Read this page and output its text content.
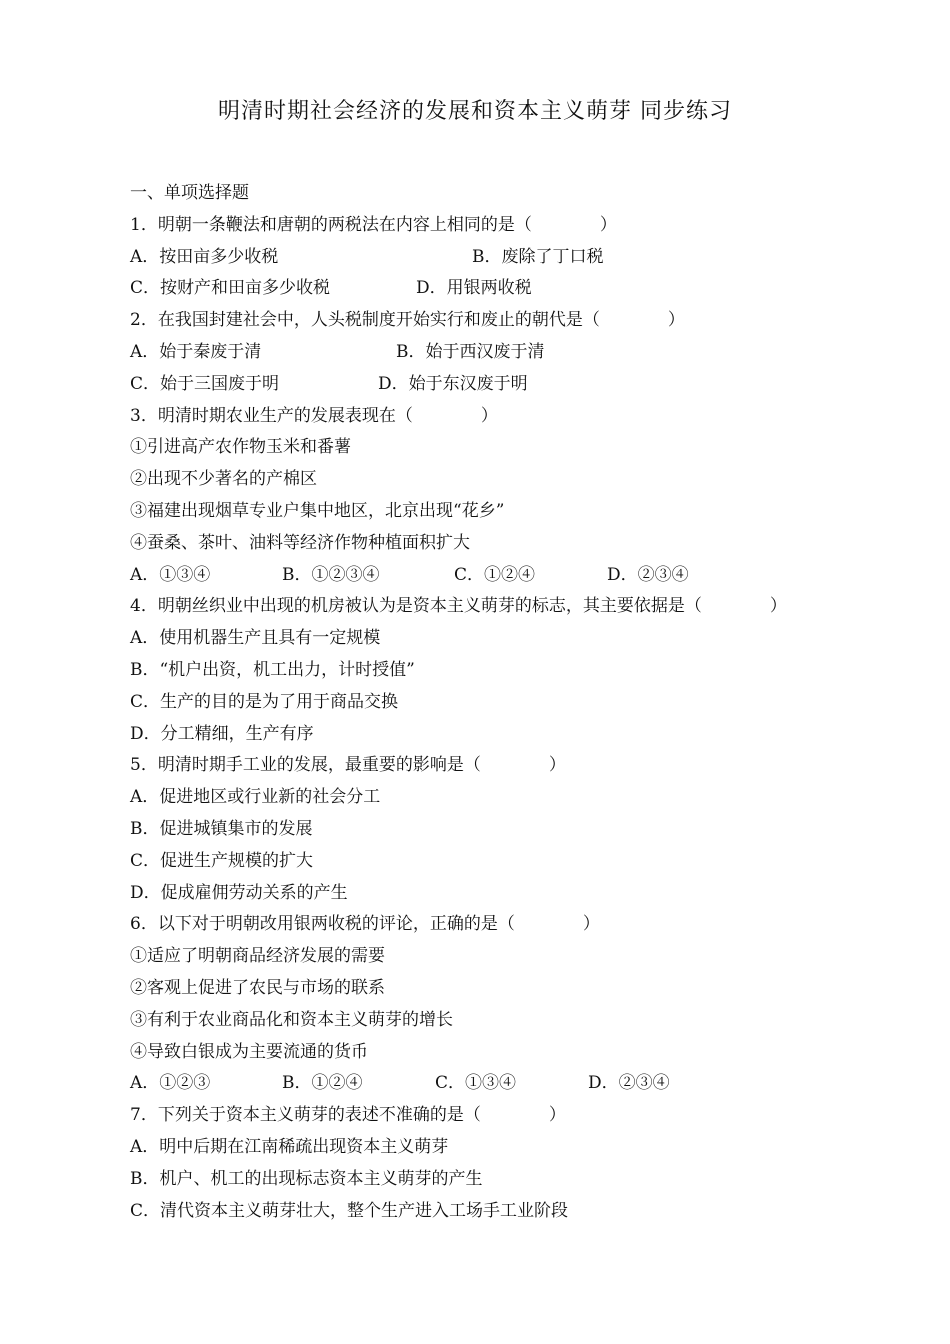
明清时期社会经济的发展和资本主义萌芽 同步练习
一、单项选择题
1．明朝一条鞭法和唐朝的两税法在内容上相同的是（　　　　）

A．按田亩多少收税

	B．废除了丁口税

C．按财产和田亩多少收税

	D．用银两收税

2．在我国封建社会中，人头税制度开始实行和废止的朝代是（　　　　）

A．始于秦废于清

	B．始于西汉废于清

C．始于三国废于明

	D．始于东汉废于明

3．明清时期农业生产的发展表现在（　　　　）
①引进高产农作物玉米和番薯
②出现不少著名的产棉区
③福建出现烟草专业户集中地区，北京出现“花乡”
④蚕桑、茶叶、油料等经济作物种植面积扩大

A．①③④

	B．①②③④

	C．①②④

	D．②③④

4．明朝丝织业中出现的机房被认为是资本主义萌芽的标志，其主要依据是（　　　　）
A．使用机器生产且具有一定规模
B．“机户出资，机工出力，计时授值”
C．生产的目的是为了用于商品交换
D．分工精细，生产有序
5．明清时期手工业的发展，最重要的影响是（　　　　）
A．促进地区或行业新的社会分工
B．促进城镇集市的发展
C．促进生产规模的扩大
D．促成雇佣劳动关系的产生
6．以下对于明朝改用银两收税的评论，正确的是（　　　　）
①适应了明朝商品经济发展的需要
②客观上促进了农民与市场的联系
③有利于农业商品化和资本主义萌芽的增长
④导致白银成为主要流通的货币

A．①②③

	B．①②④

	C．①③④

	D．②③④

7．下列关于资本主义萌芽的表述不准确的是（　　　　）
A．明中后期在江南稀疏出现资本主义萌芽
B．机户、机工的出现标志资本主义萌芽的产生
C．清代资本主义萌芽壮大，整个生产进入工场手工业阶段
